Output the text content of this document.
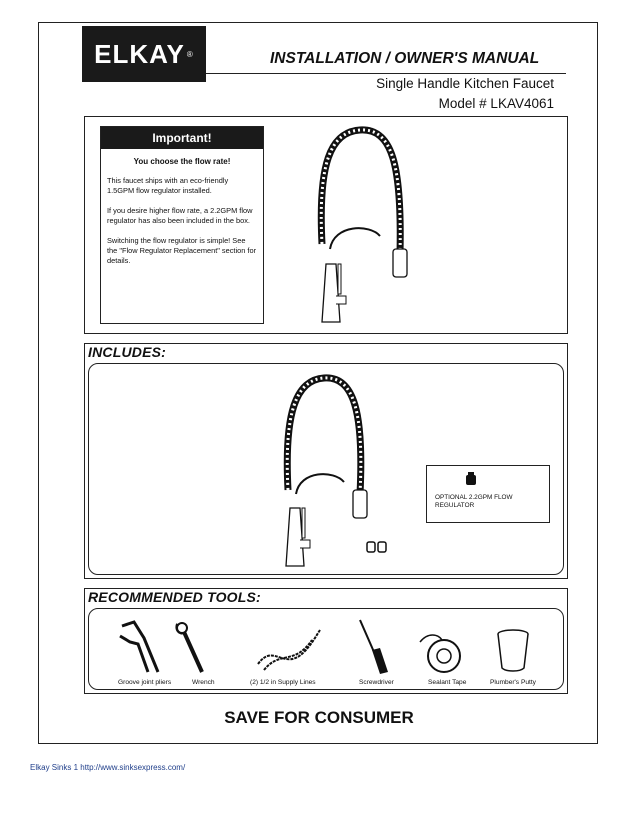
ELKAY ®	INSTALLATION / OWNER'S MANUAL
Single Handle Kitchen Faucet
Model # LKAV4061
Important!
You choose the flow rate!
This faucet ships with an eco-friendly 1.5GPM flow regulator installed.
If you desire higher flow rate, a 2.2GPM flow regulator has also been included in the box.
Switching the flow regulator is simple! See the "Flow Regulator Replacement" section for details.
INCLUDES:
OPTIONAL 2.2GPM FLOW REGULATOR
RECOMMENDED TOOLS:
Groove joint pliers	Wrench	(2) 1/2 in Supply Lines	Screwdriver	Sealant Tape	Plumber's Putty
SAVE FOR CONSUMER
Elkay Sinks 1 http://www.sinksexpress.com/
